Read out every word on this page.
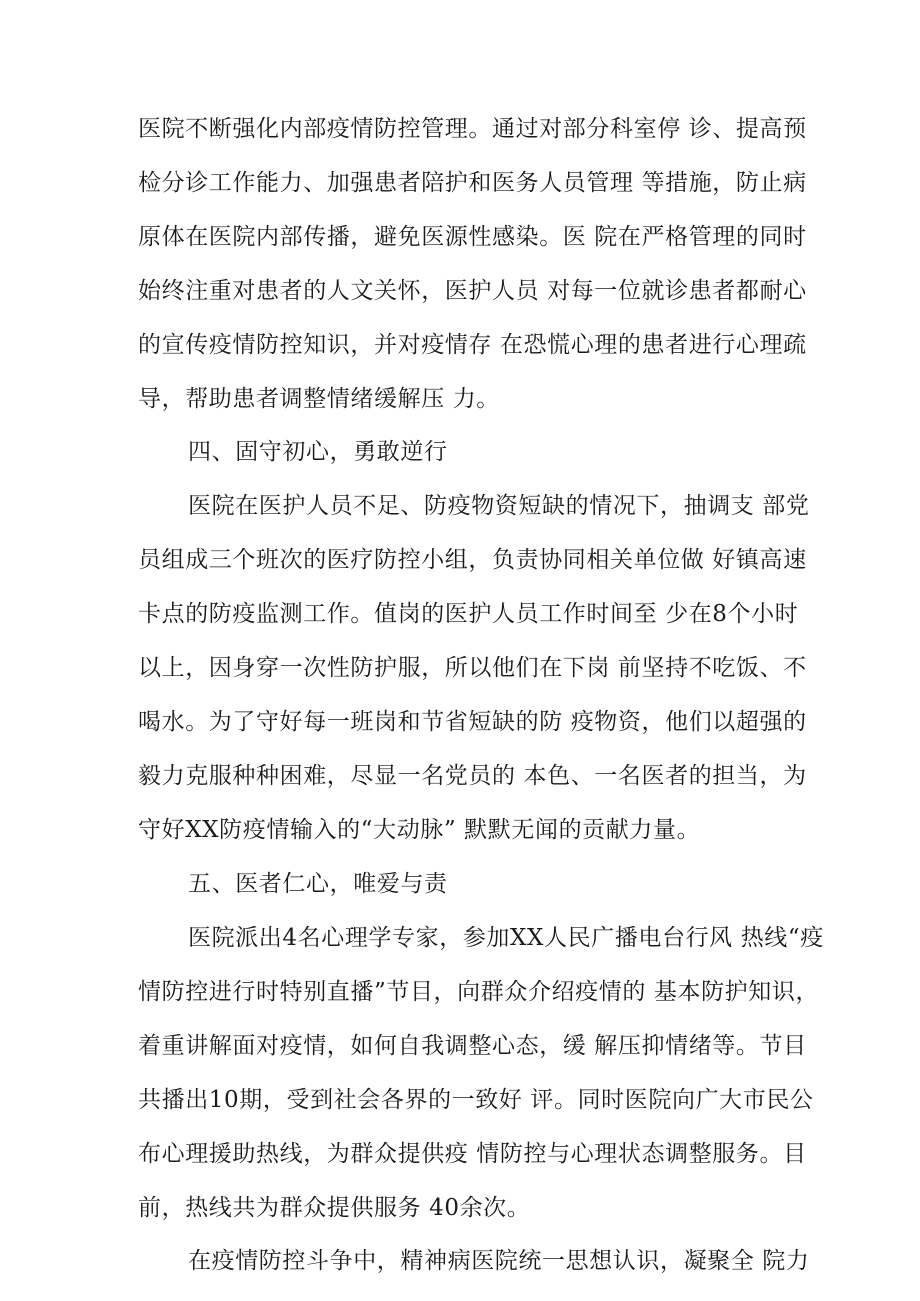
医院不断强化内部疫情防控管理。通过对部分科室停 诊、提高预
检分诊工作能力、加强患者陪护和医务人员管理 等措施，防止病
原体在医院内部传播，避免医源性感染。医 院在严格管理的同时
始终注重对患者的人文关怀，医护人员 对每一位就诊患者都耐心
的宣传疫情防控知识，并对疫情存 在恐慌心理的患者进行心理疏
导，帮助患者调整情绪缓解压 力。
四、固守初心，勇敢逆行
医院在医护人员不足、防疫物资短缺的情况下，抽调支 部党
员组成三个班次的医疗防控小组，负责协同相关单位做 好镇高速
卡点的防疫监测工作。值岗的医护人员工作时间至 少在8个小时
以上，因身穿一次性防护服，所以他们在下岗 前坚持不吃饭、不
喝水。为了守好每一班岗和节省短缺的防 疫物资，他们以超强的
毅力克服种种困难，尽显一名党员的 本色、一名医者的担当，为
守好XX防疫情输入的“大动脉” 默默无闻的贡献力量。
五、医者仁心，唯爱与责
医院派出4名心理学专家，参加XX人民广播电台行风 热线“疫
情防控进行时特别直播”节目，向群众介绍疫情的 基本防护知识，
着重讲解面对疫情，如何自我调整心态，缓 解压抑情绪等。节目
共播出10期，受到社会各界的一致好 评。同时医院向广大市民公
布心理援助热线，为群众提供疫 情防控与心理状态调整服务。目
前，热线共为群众提供服务 40余次。
在疫情防控斗争中，精神病医院统一思想认识，凝聚全 院力
